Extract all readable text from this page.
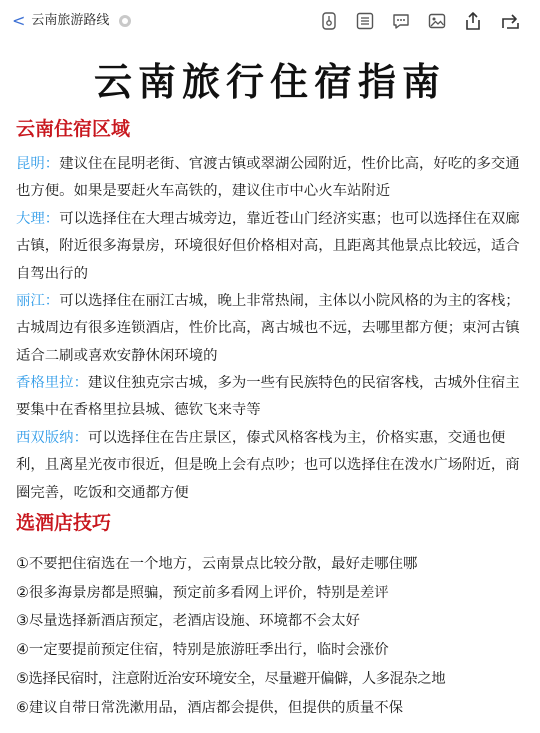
< 云南旅游路线
云南旅行住宿指南
云南住宿区域
昆明：建议住在昆明老街、官渡古镇或翠湖公园附近，性价比高，好吃的多交通也方便。如果是要赶火车高铁的，建议住市中心火车站附近
大理：可以选择住在大理古城旁边，靠近苍山门经济实惠；也可以选择住在双廊古镇，附近很多海景房，环境很好但价格相对高，且距离其他景点比较远，适合自驾出行的
丽江：可以选择住在丽江古城，晚上非常热闹，主体以小院风格的为主的客栈；古城周边有很多连锁酒店，性价比高，离古城也不远，去哪里都方便；束河古镇适合二刷或喜欢安静休闲环境的
香格里拉：建议住独克宗古城，多为一些有民族特色的民宿客栈，古城外住宿主要集中在香格里拉县城、德钦飞来寺等
西双版纳：可以选择住在告庄景区，傣式风格客栈为主，价格实惠，交通也便利，且离星光夜市很近，但是晚上会有点吵；也可以选择住在泼水广场附近，商圈完善，吃饭和交通都方便
选酒店技巧
①不要把住宿选在一个地方，云南景点比较分散，最好走哪住哪
②很多海景房都是照骗，预定前多看网上评价，特别是差评
③尽量选择新酒店预定，老酒店设施、环境都不会太好
④一定要提前预定住宿，特别是旅游旺季出行，临时会涨价
⑤选择民宿时，注意附近治安环境安全，尽量避开偏僻，人多混杂之地
⑥建议自带日常洗漱用品，酒店都会提供，但提供的质量不保
